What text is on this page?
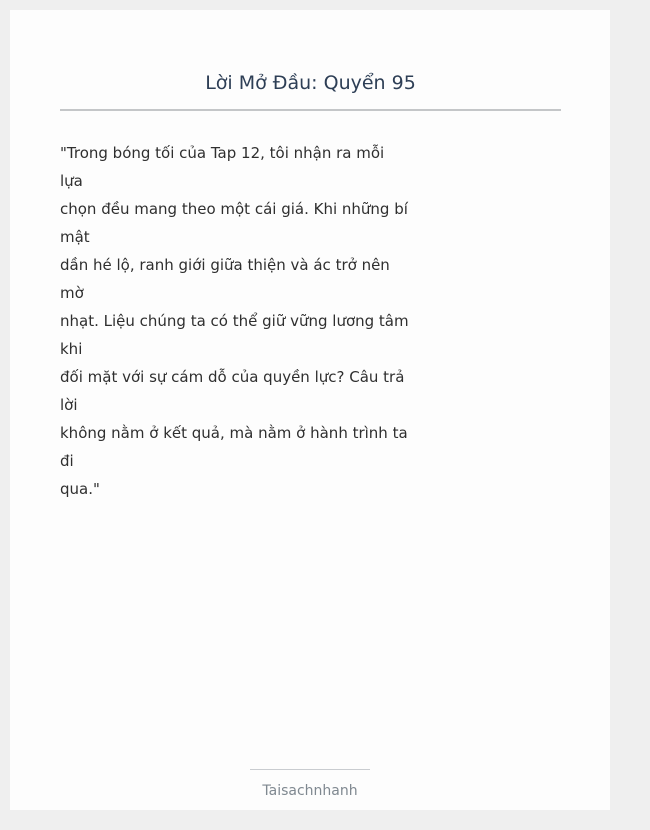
Lời Mở Đầu: Quyển 95
"Trong bóng tối của Tap 12, tôi nhận ra mỗi
lựa
chọn đều mang theo một cái giá. Khi những bí
mật
dần hé lộ, ranh giới giữa thiện và ác trở nên
mờ
nhạt. Liệu chúng ta có thể giữ vững lương tâm
khi
đối mặt với sự cám dỗ của quyền lực? Câu trả
lời
không nằm ở kết quả, mà nằm ở hành trình ta
đi
qua."
Taisachnhanh
